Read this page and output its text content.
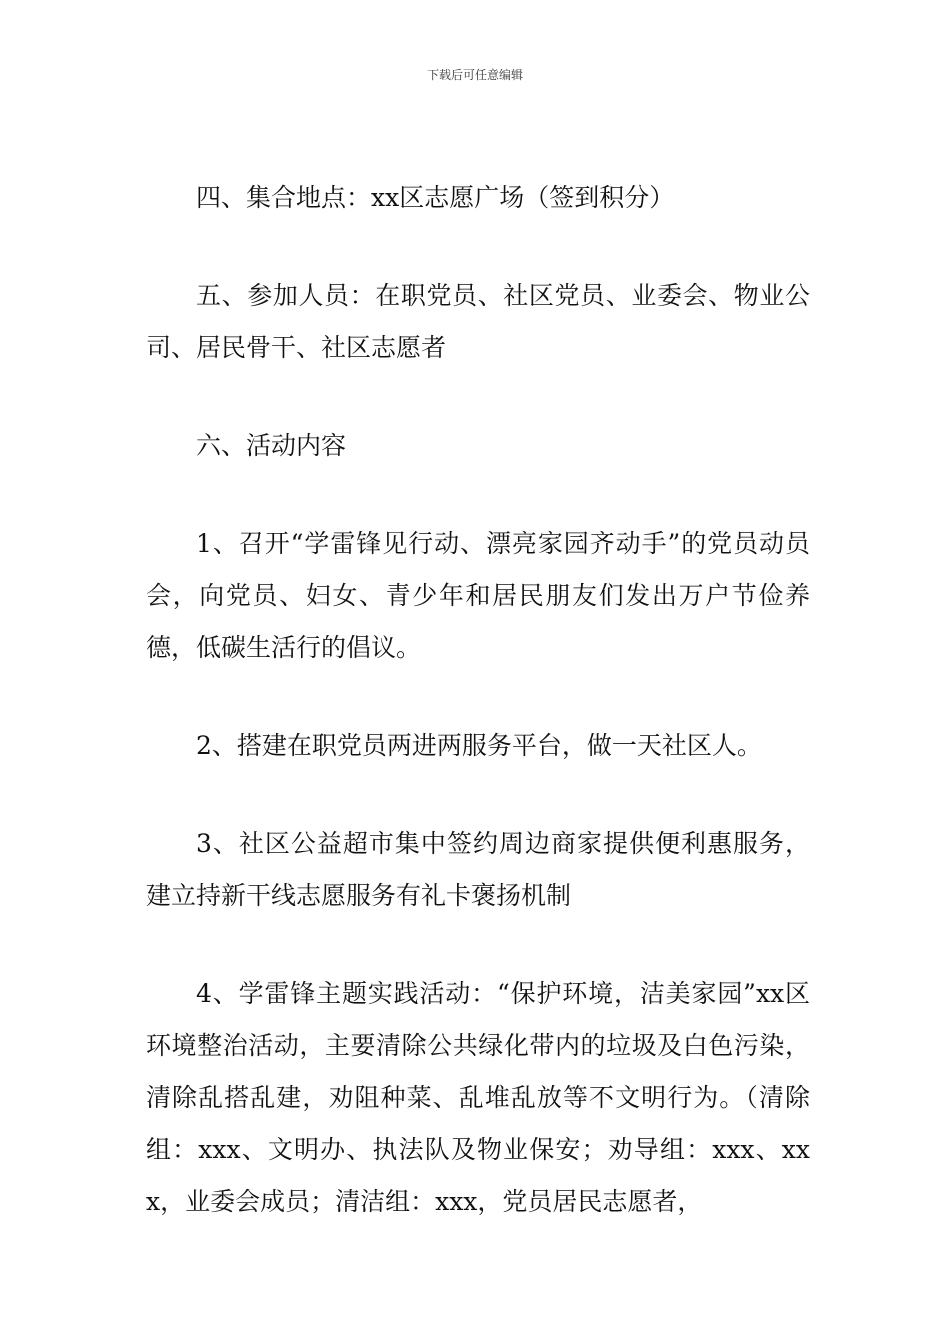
下载后可任意编辑

四、集合地点：xx区志愿广场（签到积分）

五、参加人员：在职党员、社区党员、业委会、物业公司、居民骨干、社区志愿者

六、活动内容

1、召开“学雷锋见行动、漂亮家园齐动手”的党员动员会，向党员、妇女、青少年和居民朋友们发出万户节俭养德，低碳生活行的倡议。

2、搭建在职党员两进两服务平台，做一天社区人。

3、社区公益超市集中签约周边商家提供便利惠服务，建立持新干线志愿服务有礼卡褒扬机制

4、学雷锋主题实践活动：“保护环境，洁美家园”xx区环境整治活动，主要清除公共绿化带内的垃圾及白色污染，清除乱搭乱建，劝阻种菜、乱堆乱放等不文明行为。（清除组：xxx、文明办、执法队及物业保安；劝导组：xxx、xxx，业委会成员；清洁组：xxx，党员居民志愿者，
